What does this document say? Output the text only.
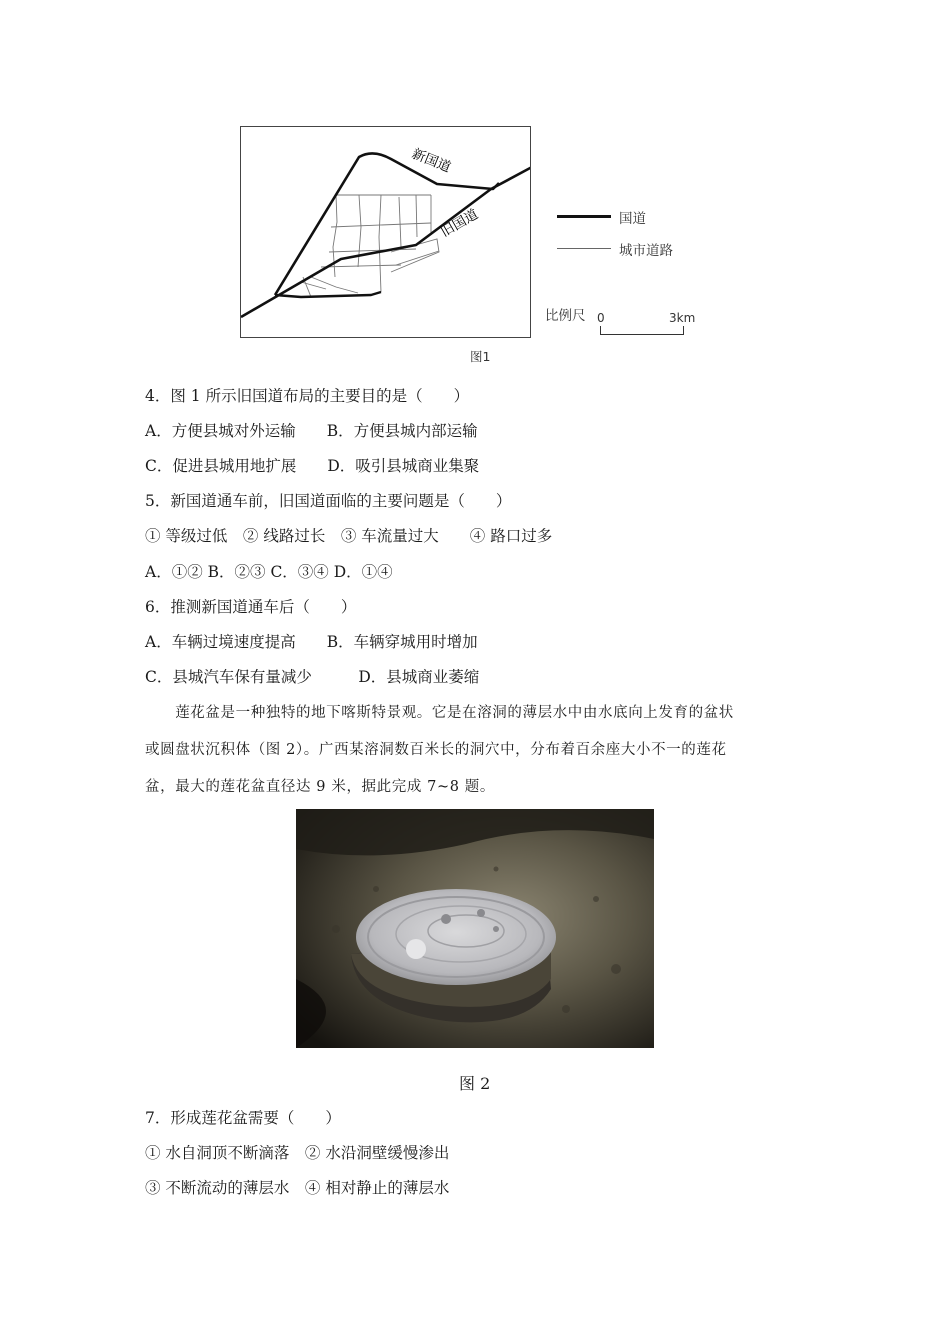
新国道
旧国道	国道
城市道路
比例尺 0	3km
图1
4．图 1 所示旧国道布局的主要目的是（　　）
A．方便县城对外运输　　B．方便县城内部运输
C．促进县城用地扩展　　D．吸引县城商业集聚
5．新国道通车前，旧国道面临的主要问题是（　　）
① 等级过低　② 线路过长　③ 车流量过大　　④ 路口过多
A．①② B．②③ C．③④ D．①④
6．推测新国道通车后（　　）
A．车辆过境速度提高　　B．车辆穿城用时增加
C．县城汽车保有量减少　　　D．县城商业萎缩
　　莲花盆是一种独特的地下喀斯特景观。它是在溶洞的薄层水中由水底向上发育的盆状
或圆盘状沉积体（图 2）。广西某溶洞数百米长的洞穴中，分布着百余座大小不一的莲花
盆，最大的莲花盆直径达 9 米，据此完成 7~8 题。
图 2
7．形成莲花盆需要（　　）
① 水自洞顶不断滴落　② 水沿洞壁缓慢渗出
③ 不断流动的薄层水　④ 相对静止的薄层水
